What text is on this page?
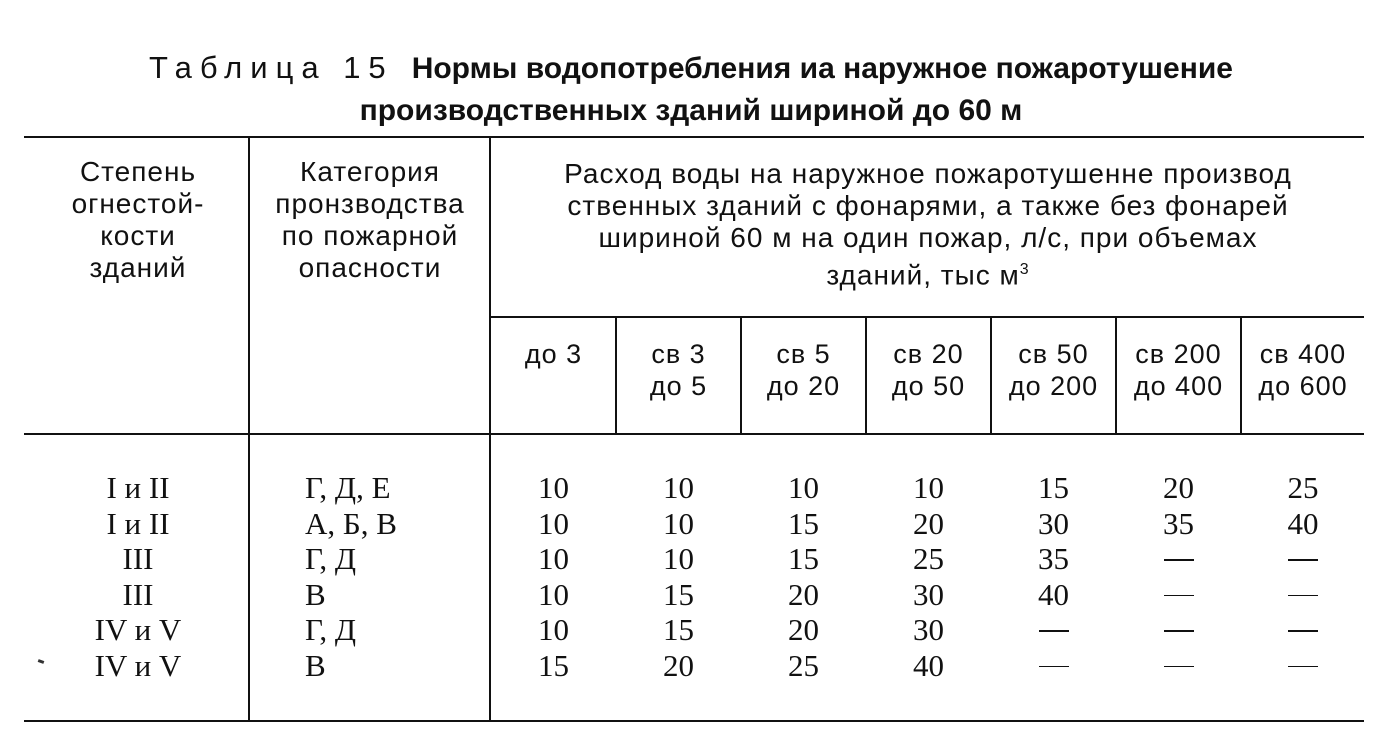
Таблица 15 Нормы водопотребления иа наружное пожаротушение
производственных зданий шириной до 60 м
Степень
огнестой-
кости
зданий
Категория
пронзводства
по пожарной
опасности
Расход воды на наружное пожаротушенне производ
ственных зданий с фонарями, а также без фонарей
шириной 60 м на один пожар, л/с, при объемах
зданий, тыс $м^3$
до 3	св 3
до 5
св 5
до 20
св 20
до 50
св 50
до 200
св 200
до 400
св 400
до 600
I и II
I и II
III
III
IV и V
IV и V
Г, Д, Е
А, Б, В
Г, Д
В
Г, Д
В
10
10
10
10
10
15
10
10
10
15
15
20
10
15
15
20
20
25
10
20
25
30
30
40
15
30
35
40
20
35
25
40
